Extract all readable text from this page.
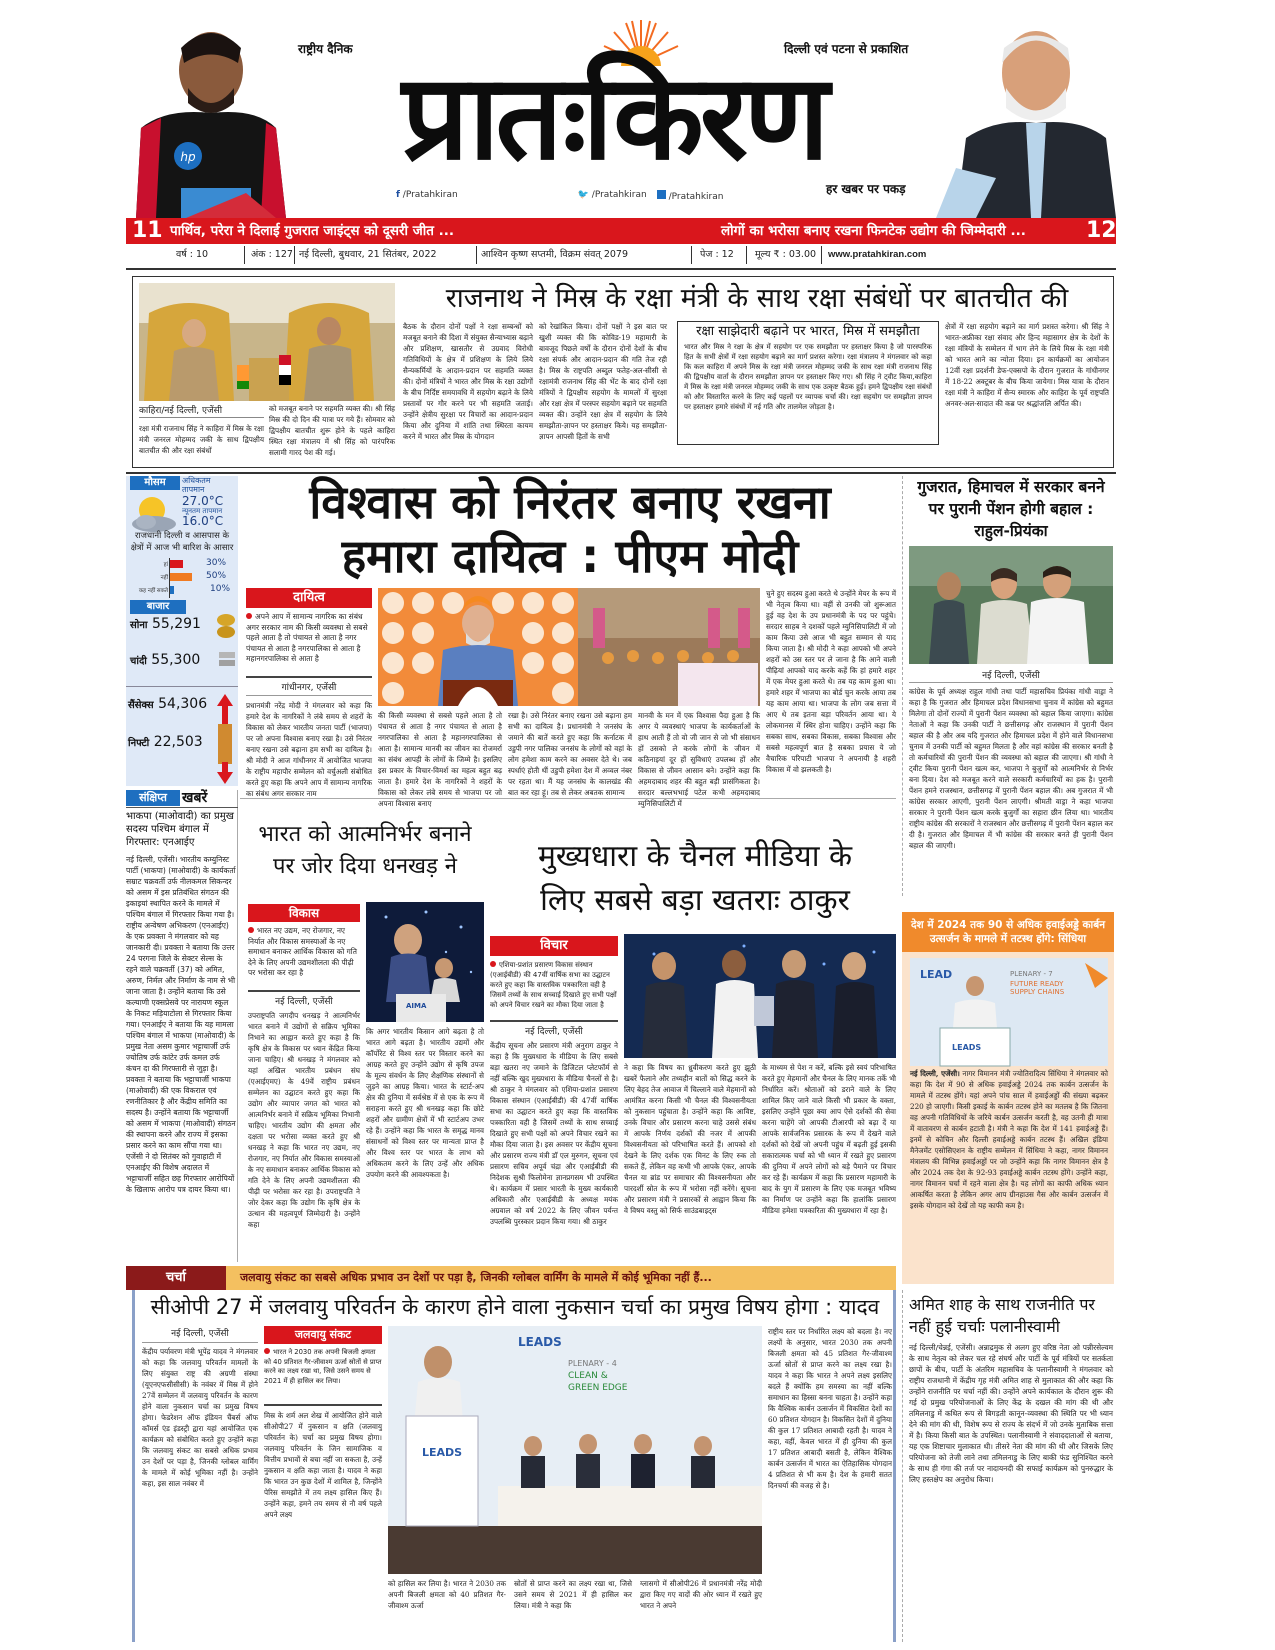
hp
राष्ट्रीय दैनिक	दिल्ली एवं पटना से प्रकाशित
प्रातःकिरण
f /Pratahkiran	🐦 /Pratahkiran	/Pratahkiran
हर खबर पर पकड़
11 पार्थिव, परेरा ने दिलाई गुजरात जाइंट्स को दूसरी जीत ...	लोगों का भरोसा बनाए रखना फिनटेक उद्योग की जिम्मेदारी ...	12
वर्ष : 10	अंक : 127 नई दिल्ली, बुधवार, 21 सितंबर, 2022	आश्विन कृष्ण सप्तमी, विक्रम संवत् 2079	पेज : 12	मूल्य ₹ : 03.00	www.pratahkiran.com
काहिरा/नई दिल्ली, एजेंसी
रक्षा मंत्री राजनाथ सिंह ने काहिरा में मिस्र के रक्षा मंत्री जनरल मोहम्मद जकी के साथ द्विपक्षीय बातचीत की और रक्षा संबंधों
को मजबूत बनाने पर सहमति व्यक्त की। श्री सिंह मिस्र की दो दिन की यात्रा पर गये हैं। सोमवार को द्विपक्षीय बातचीत शुरू होने के पहले काहिरा स्थित रक्षा मंत्रालय में श्री सिंह को पारंपरिक सलामी गारद पेश की गई।
राजनाथ ने मिस्र के रक्षा मंत्री के साथ रक्षा संबंधों पर बातचीत की
बैठक के दौरान दोनों पक्षों ने रक्षा सम्बन्धों को मजबूत बनाने की दिशा में संयुक्त सैन्याभ्यास बढ़ाने और प्रशिक्षण, खासतौर से उग्रवाद विरोधी गतिविधियों के क्षेत्र में प्रशिक्षण के लिये लिये सैन्यकर्मियों के आदान-प्रदान पर सहमति व्यक्त की। दोनों मंत्रियों ने भारत और मिस्र के रक्षा उद्योगों के बीच निर्दिष्ट समयावधि में सहयोग बढ़ाने के लिये प्रस्तावों पर गौर करने पर भी सहमति जताई। उन्होंने क्षेत्रीय सुरक्षा पर विचारों का आदान-प्रदान किया और दुनिया में शांति तथा स्थिरता कायम करने में भारत और मिस्र के योगदान
को रेखांकित किया। दोनों पक्षों ने इस बात पर खुशी व्यक्त की कि कोविड-19 महामारी के बावजूद पिछले वर्षों के दौरान दोनों देशों के बीच रक्षा संपर्क और आदान-प्रदान की गति तेज रही है। मिस्र के राष्ट्रपति अब्दुल फतेह-अल-सीसी से रक्षामंत्री राजनाथ सिंह की भेंट के बाद दोनों रक्षा मंत्रियों ने द्विपक्षीय सहयोग के मामलों में सुरक्षा और रक्षा क्षेत्र में परस्पर सहयोग बढ़ाने पर सहमति व्यक्त की। उन्होंने रक्षा क्षेत्र में सहयोग के लिये समझौता-ज्ञापन पर हस्ताक्षर किये। यह समझौता-ज्ञापन आपसी हितों के सभी
रक्षा साझेदारी बढ़ाने पर भारत, मिस्र में समझौता
भारत और मिस्र ने रक्षा के क्षेत्र में सहयोग पर एक समझौता पर हस्ताक्षर किया है जो पारस्परिक हित के सभी क्षेत्रों में रक्षा सहयोग बढ़ाने का मार्ग प्रशस्त करेगा। रक्षा मंत्रालय ने मंगलवार को कहा कि कल काहिरा में अपने मिस्र के रक्षा मंत्री जनरल मोहम्मद जकी के साथ रक्षा मंत्री राजनाथ सिंह की द्विपक्षीय वार्ता के दौरान समझौता ज्ञापन पर हस्ताक्षर किए गए। श्री सिंह ने ट्वीट किया,काहिरा में मिस्र के रक्षा मंत्री जनरल मोहम्मद जकी के साथ एक उत्कृष्ट बैठक हुई। हमने द्विपक्षीय रक्षा संबंधों को और विस्तारित करने के लिए कई पहलों पर व्यापक चर्चा की। रक्षा सहयोग पर समझौता ज्ञापन पर हस्ताक्षर हमारे संबंधों में नई गति और तालमेल जोड़ता है।
क्षेत्रों में रक्षा सहयोग बढ़ाने का मार्ग प्रशस्त करेगा। श्री सिंह ने भारत-अफ्रीका रक्षा संवाद और हिन्द महासागर क्षेत्र के देशों के रक्षा मंत्रियों के सम्मेलन में भाग लेने के लिये मिस्र के रक्षा मंत्री को भारत आने का न्योता दिया। इन कार्यक्रमों का आयोजन 12वीं रक्षा प्रदर्शनी डेफ-एक्सपो के दौरान गुजरात के गांधीनगर में 18-22 अक्टूबर के बीच किया जायेगा। मिस्र यात्रा के दौरान रक्षा मंत्री ने काहिरा में सैन्य स्मारक और काहिरा के पूर्व राष्ट्रपति अनवर-अल-सादात की कब्र पर श्रद्धांजलि अर्पित की।
मौसम	अधिकतम तापमान
27.0°C
न्यूनतम तापमान
16.0°C
राजधानी दिल्ली व आसपास के क्षेत्रों में आज भी बारिश के आसार
हां	30%
नहीं	50%
कह नहीं सकते	10%
बाजार
सोना 55,291
चांदी 55,300
सैंसेक्स 54,306
निफ्टी 22,503
संक्षिप्त	खबरें
भाकपा (माओवादी) का प्रमुख सदस्य पश्चिम बंगाल में गिरफ्तार: एनआईए
नई दिल्ली, एजेंसी। भारतीय कम्युनिस्ट पार्टी (भाकपा) (माओवादी) के कार्यकर्ता सम्राट चक्रवर्ती उर्फ नीलकमल सिकन्दर को असम में इस प्रतिबंधित संगठन की इकाइयां स्थापित करने के मामले में पश्चिम बंगाल में गिरफ्तार किया गया है। राष्ट्रीय अन्वेषण अभिकरण (एनआईए) के एक प्रवक्ता ने मंगलवार को यह जानकारी दी। प्रवक्ता ने बताया कि उत्तर 24 परगना जिले के सेक्टर सेल्स के रहने वाले चक्रवर्ती (37) को अमित, अरुण, निर्मल और निर्माण के नाम से भी जाना जाता है। उन्होंने बताया कि उसे कल्याणी एक्सप्रेसवे पर नारायण स्कूल के निकट मड़ियाटोला से गिरफ्तार किया गया। एनआईए ने बताया कि यह मामला पश्चिम बंगाल में भाकपा (माओवादी) के प्रमुख नेता असम कुमार भट्टाचार्जी उर्फ ज्योतिष उर्फ कांटेर उर्फ कमल उर्फ कंचन दा की गिरफ्तारी से जुड़ा है। प्रवक्ता ने बताया कि भट्टाचार्जी भाकपा (माओवादी) की एक विकराल एवं रणनीतिकार है और केंद्रीय समिति का सदस्य है। उन्होंने बताया कि भट्टाचार्जी को असम में भाकपा (माओवादी) संगठन की स्थापना करने और राज्य में इसका प्रसार करने का काम सौंपा गया था। एजेंसी ने दो सितंबर को गुवाहाटी में एनआईए की विशेष अदालत में भट्टाचार्जी सहित छह गिरफ्तार आरोपियों के खिलाफ आरोप पत्र दायर किया था।
विश्वास को निरंतर बनाए रखना
हमारा दायित्व : पीएम मोदी
दायित्व
अपने आप में सामान्य नागरिक का संबंध अगर सरकार नाम की किसी व्यवस्था से सबसे पहले आता है तो पंचायत से आता है नगर पंचायत से आता है नगरपालिका से आता है महानगरपालिका से आता है
गांधीनगर, एजेंसी
प्रधानमंत्री नरेंद्र मोदी ने मंगलवार को कहा कि हमारे देश के नागरिकों ने लंबे समय से शहरों के विकास को लेकर भारतीय जनता पार्टी (भाजपा) पर जो अपना विश्वास बनाए रखा है। उसे निरंतर बनाए रखना उसे बढ़ाना हम सभी का दायित्व है। श्री मोदी ने आज गांधीनगर में आयोजित भाजपा के राष्ट्रीय महापौर सम्मेलन को वर्चुअली संबोधित करते हुए कहा कि अपने आप में सामान्य नागरिक का संबंध अगर सरकार नाम
की किसी व्यवस्था से सबसे पहले आता है तो पंचायत से आता है नगर पंचायत से आता है नगरपालिका से आता है महानगरपालिका से आता है। सामान्य मानवी का जीवन का रोजमर्रा का संबंध आपही के लोगों के जिम्मे है। इसलिए इस प्रकार के विचार-विमर्श का महत्व बहुत बढ़ जाता है। हमारे देश के नागरिकों ने शहरों के विकास को लेकर लंबे समय से भाजपा पर जो अपना विश्वास बनाए
रखा है। उसे निरंतर बनाए रखना उसे बढ़ाना हम सभी का दायित्व है। प्रधानमंत्री ने जनसंघ के जमाने की बातें करते हुए कहा कि कर्नाटक में उडुपी नगर पालिका जनसंघ के लोगों को वहां के लोग हमेशा काम करने का अवसर देते थे। जब स्पर्धाएं होती थीं उडुपी हमेशा देश में अव्वल नंबर पर रहता था। मैं यह जनसंघ के कालखंड की बात कर रहा हूं। तब से लेकर अबतक सामान्य
मानवी के मन में एक विश्वास पैदा हुआ है कि अगर ये व्यवस्थाएं भाजपा के कार्यकर्ताओं के हाथ आती हैं तो वो जी जान से जो भी संसाधन हों उसको ले करके लोगों के जीवन में कठिनाइयां दूर हों सुविधाएं उपलब्ध हों और विकास से जीवन आसान बने। उन्होंने कहा कि अहमदाबाद शहर की बहुत बड़ी प्रासंगिकता है। सरदार बल्लभभाई पटेल कभी अहमदाबाद म्युनिसिपालिटी में
चुने हुए सदस्य हुआ करते थे उन्होंने मेयर के रूप में भी नेतृत्व किया था। वहीं से उनकी जो शुरूआत हुई वह देश के उप प्रधानमंत्री के पद पर पहुंचे। सरदार साहब ने दशकों पहले म्युनिसिपालिटी में जो काम किया उसे आज भी बहुत सम्मान से याद किया जाता है। श्री मोदी ने कहा आपको भी अपने शहरों को उस स्तर पर ले जाना है कि आने वाली पीढ़ियां आपको याद करके कहें कि हां हमारे शहर में एक मेयर हुआ करते थे। तब यह काम हुआ था। हमारे शहर में भाजपा का बोर्ड चुन करके आया तब यह काम आया था। भाजपा के लोग जब सत्ता में आए थे तब इतना बड़ा परिवर्तन आया था। ये लोकमानस में स्थिर होना चाहिए। उन्होंने कहा कि सबका साथ, सबका विकास, सबका विश्वास और सबसे महत्वपूर्ण बात है सबका प्रयास ये जो वैचारिक परिपाटी भाजपा ने अपनायी है शहरी विकास में वो झलकती है।
गुजरात, हिमाचल में सरकार बनने पर पुरानी पेंशन होगी बहाल : राहुल-प्रियंका
नई दिल्ली, एजेंसी
कांग्रेस के पूर्व अध्यक्ष राहुल गांधी तथा पार्टी महासचिव प्रियंका गांधी वाड्रा ने कहा है कि गुजरात और हिमाचल प्रदेश विधानसभा चुनाव में कांग्रेस को बहुमत मिलेगा तो दोनों राज्यों में पुरानी पेंशन व्यवस्था को बहाल किया जाएगा। कांग्रेस नेताओं ने कहा कि उनकी पार्टी ने छत्तीसगढ़ और राजस्थान में पुरानी पेंशन बहाल की है और अब यदि गुजरात और हिमाचल प्रदेश में होने वाले विधानसभा चुनाव में उनकी पार्टी को बहुमत मिलता है और वहां कांग्रेस की सरकार बनती है तो कर्मचारियों की पुरानी पेंशन की व्यवस्था को बहाल की जाएगा। श्री गांधी ने ट्वीट किया पुरानी पेंशन खत्म कर, भाजपा ने बुजुर्गों को आत्मनिर्भर से निर्भर बना दिया। देश को मजबूत करने वाले सरकारी कर्मचारियों का हक है। पुरानी पेंशन हमने राजस्थान, छत्तीसगढ़ में पुरानी पेंशन बहाल की। अब गुजरात में भी कांग्रेस सरकार आएगी, पुरानी पेंशन लाएगी। श्रीमती वाड्रा ने कहा भाजपा सरकार ने पुरानी पेंशन खत्म करके बुजुर्गों का सहारा छीन लिया था। भारतीय राष्ट्रीय कांग्रेस की सरकारों ने राजस्थान और छत्तीसगढ़ में पुरानी पेंशन बहाल कर दी है। गुजरात और हिमाचल में भी कांग्रेस की सरकार बनते ही पुरानी पेंशन बहाल की जाएगी।
देश में 2024 तक 90 से अधिक हवाईअड्डे कार्बन उत्सर्जन के मामले में तटस्थ होंगे: सिंधिया
LEAD	PLENARY - 7
FUTURE READY
SUPPLY CHAINS
LEADS
नई दिल्ली, एजेंसी। नागर विमानन मंत्री ज्योतिरादित्य सिंधिया ने मंगलवार को कहा कि देश में 90 से अधिक हवाईअड्डे 2024 तक कार्बन उत्सर्जन के मामले में तटस्थ होंगे। यहां अपने पांच साल में हवाईअड्डों की संख्या बढ़कर 220 हो जाएगी। किसी इकाई के कार्बन तटस्थ होने का मतलब है कि जितना वह अपनी गतिविधियों के जरिये कार्बन उत्सर्जन करती है, वह उतनी ही मात्रा में वातावरण से कार्बन हटाती है। मंत्री ने कहा कि देश में 141 हवाईअड्डे हैं। इनमें से कोचिन और दिल्ली हवाईअड्डे कार्बन तटस्थ हैं। अखिल इंडिया मैनेजमेंट एसोसिएशन के राष्ट्रीय सम्मेलन में सिंधिया ने कहा, नागर विमानन मंत्रालय की विभिन्न हवाईअड्डों पर जो उन्होंने कहा कि नागर विमानन क्षेत्र है और 2024 तक देश के 92-93 हवाईअड्डे कार्बन तटस्थ होंगे। उन्होंने कहा, नागर विमानन चर्चा में रहने वाला क्षेत्र है। यह लोगों का काफी अधिक ध्यान आकर्षित करता है लेकिन अगर आप ग्रीनहाउस गैस और कार्बन उत्सर्जन में इसके योगदान को देखें तो यह काफी कम है।
भारत को आत्मनिर्भर बनाने
पर जोर दिया धनखड़ ने
विकास
भारत नए उद्यम, नए रोजगार, नए निर्यात और विकास समस्याओं के नए समाधान बनाकर आर्थिक विकास को गति देने के लिए अपनी उद्यमशीलता की पीढ़ी पर भरोसा कर रहा है
नई दिल्ली, एजेंसी	AIMA
उपराष्ट्रपति जगदीप धनखड़ ने आत्मनिर्भर भारत बनाने में उद्योगों से सक्रिय भूमिका निभाने का आह्वान करते हुए कहा है कि कृषि क्षेत्र के विकास पर ध्यान केंद्रित किया जाना चाहिए। श्री धनखड़ ने मंगलवार को यहां अखिल भारतीय प्रबंधन संघ (एआईएमए) के 49वें राष्ट्रीय प्रबंधन सम्मेलन का उद्घाटन करते हुए कहा कि उद्योग और व्यापार जगत को भारत को आत्मनिर्भर बनाने में सक्रिय भूमिका निभानी चाहिए। भारतीय उद्योग की क्षमता और दक्षता पर भरोसा व्यक्त करते हुए श्री धनखड़ ने कहा कि भारत नए उद्यम, नए रोजगार, नए निर्यात और विकास समस्याओं के नए समाधान बनाकर आर्थिक विकास को गति देने के लिए अपनी उद्यमशीलता की पीढ़ी पर भरोसा कर रहा है। उपराष्ट्रपति ने जोर देकर कहा कि उद्योग कि कृषि क्षेत्र के उत्थान की महत्वपूर्ण जिम्मेदारी है। उन्होंने कहा
कि अगर भारतीय किसान आगे बढ़ता है तो भारत आगे बढ़ता है। भारतीय उद्यमों और कॉर्पोरेट से विश्व स्तर पर विस्तार करने का आग्रह करते हुए उन्होंने उद्योग से कृषि उपज के मूल्य संवर्धन के लिए शैक्षणिक संस्थानों से जुड़ने का आग्रह किया। भारत के स्टार्ट-अप क्षेत्र की दुनिया में सर्वश्रेष्ठ में से एक के रूप में सराहना करते हुए श्री धनखड़ कहा कि छोटे शहरों और ग्रामीण क्षेत्रों में भी स्टार्टअप उभर रहे हैं। उन्होंने कहा कि भारत के समृद्ध मानव संसाधनों को विश्व स्तर पर मान्यता प्राप्त है और विश्व स्तर पर भारत के लाभ को अधिकतम करने के लिए उन्हें और अधिक उपयोग करने की आवश्यकता है।
मुख्यधारा के चैनल मीडिया के
लिए सबसे बड़ा खतराः ठाकुर
विचार
एशिया-प्रशांत प्रसारण विकास संस्थान (एआईबीडी) की 47वीं वार्षिक सभा का उद्घाटन करते हुए कहा कि वास्तविक पत्रकारिता वही है जिसमें तथ्यों के साथ सच्चाई दिखाते हुए सभी पक्षों को अपने विचार रखने का मौका दिया जाता है
नई दिल्ली, एजेंसी
केंद्रीय सूचना और प्रसारण मंत्री अनुराग ठाकुर ने कहा है कि मुख्यधारा के मीडिया के लिए सबसे बड़ा खतरा नए जमाने के डिजिटल प्लेटफॉर्म से नहीं बल्कि खुद मुख्यधारा के मीडिया चैनलों से है। श्री ठाकुर ने मंगलवार को एशिया-प्रशांत प्रसारण विकास संस्थान (एआईबीडी) की 47वीं वार्षिक सभा का उद्घाटन करते हुए कहा कि वास्तविक पत्रकारिता वही है जिसमें तथ्यों के साथ सच्चाई दिखाते हुए सभी पक्षों को अपने विचार रखने का मौका दिया जाता है। इस अवसर पर केंद्रीय सूचना और प्रसारण राज्य मंत्री डॉ एल मुरुगन, सूचना एवं प्रसारण सचिव अपूर्व चंद्रा और एआईबीडी की निदेशक सुश्री फिलोमेना ज्ञानप्रगसम भी उपस्थित थे। कार्यक्रम में प्रसार भारती के मुख्य कार्यकारी अधिकारी और एआईबीडी के अध्यक्ष मयंक अग्रवाल को वर्ष 2022 के लिए जीवन पर्यन्त उपलब्धि पुरस्कार प्रदान किया गया। श्री ठाकुर
ने कहा कि विषय का ध्रुवीकरण करते हुए झूठी खबरें फैलाने और तथ्यहीन बातों को सिद्ध करने के लिए बेहद तेज आवाज में चिल्लाने वाले मेहमानों को आमंत्रित करना किसी भी चैनल की विश्वसनीयता को नुकसान पहुंचाता है। उन्होंने कहा कि आविष्ट, उनके विचार और प्रसारण करना चाहे उससे संबंध में आपके निर्णय दर्शकों की नजर में आपकी विश्वसनीयता को परिभाषित करते हैं। आपको शो देखने के लिए दर्शक एक मिनट के लिए रुक तो सकते हैं, लेकिन वह कभी भी आपके एंकर, आपके चैनल या ब्रांड पर समाचार की विश्वसनीयता और पारदर्शी स्रोत के रूप में भरोसा नहीं करेंगे। सूचना और प्रसारण मंत्री ने प्रसारकों से आह्वान किया कि वे विषय वस्तु को सिर्फ साउंडबाइट्स
के माध्यम से पेश न करें, बल्कि इसे स्वयं परिभाषित करते हुए मेहमानों और चैनल के लिए मानक तर्के भी निर्धारित करें। श्रोताओं को डराने वाले के लिए शामिल किए जाने वाले किसी भी प्रकार के वक्ता, इसलिए उन्होंने पूछा क्या आप ऐसे दर्शकों की सेवा करना चाहेंगे जो आपकी टीआरपी को बढ़ा दें या आपके सार्वजनिक प्रसारक के रूप में देखने वाले दर्शकों को देखें जो अपनी पहुंच में बढ़ती हुई इसकी सकारात्मक चर्चा को भी ध्यान में रखते हुए प्रसारण की दुनिया में अपने लोगों को बड़े पैमाने पर विचार कर रहे हैं। कार्यक्रम में कहा कि प्रसारण महामारी के बाद के युग में प्रसारण के लिए एक मजबूत भविष्य का निर्माण पर उन्होंने कहा कि हालांकि प्रसारण मीडिया हमेशा पत्रकारिता की मुख्यधारा में रहा है।
चर्चा	जलवायु संकट का सबसे अधिक प्रभाव उन देशों पर पड़ा है, जिनकी ग्लोबल वार्मिंग के मामले में कोई भूमिका नहीं हैं...
सीओपी 27 में जलवायु परिवर्तन के कारण होने वाला नुकसान चर्चा का प्रमुख विषय होगा : यादव
नई दिल्ली, एजेंसी
केंद्रीय पर्यावरण मंत्री भूपेंद्र यादव ने मंगलवार को कहा कि जलवायु परिवर्तन मामलों के लिए संयुक्त राष्ट्र की अग्रणी संस्था (यूएनएफसीसीसी) के नवंबर में मिस्र में होने 27वें सम्मेलन में जलवायु परिवर्तन के कारण होने वाला नुकसान चर्चा का प्रमुख विषय होगा। फेडरेशन ऑफ इंडियन चैंबर्स ऑफ कॉमर्स एंड इंडस्ट्री द्वारा यहां आयोजित एक कार्यक्रम को संबोधित करते हुए उन्होंने कहा कि जलवायु संकट का सबसे अधिक प्रभाव उन देशों पर पड़ा है, जिनकी ग्लोबल वार्मिंग के मामले में कोई भूमिका नहीं है। उन्होंने कहा, इस साल नवंबर में
जलवायु संकट
भारत ने 2030 तक अपनी बिजली क्षमता को 40 प्रतिशत गैर-जीवाश्म ऊर्जा स्रोतों से प्राप्त करने का लक्ष्य रखा था, जिसे उसने समय से 2021 में ही हासिल कर लिया।
मिस्र के शर्म अल शेख में आयोजित होने वाले सीओपी27 में नुकसान व क्षति (जलवायु परिवर्तन के) चर्चा का प्रमुख विषय होगा। जलवायु परिवर्तन के जिन सामाजिक व वित्तीय प्रभावों से बचा नहीं जा सकता है, उन्हें नुकसान व क्षति कहा जाता है। यादव ने कहा कि भारत उन कुछ देशों में शामिल है, जिन्होंने पेरिस समझौते में तय लक्ष्य हासिल किए हैं। उन्होंने कहा, हमने तय समय से नौ वर्ष पहले अपने लक्ष्य
LEADS
PLENARY - 4
CLEAN &
GREEN EDGE
LEADS
को हासिल कर लिया है। भारत ने 2030 तक अपनी बिजली क्षमता को 40 प्रतिशत गैर-जीवाश्म ऊर्जा
स्रोतों से प्राप्त करने का लक्ष्य रखा था, जिसे उसने समय से 2021 में ही हासिल कर लिया। मंत्री ने कहा कि
ग्लासगो में सीओपी26 में प्रधानमंत्री नरेंद्र मोदी द्वारा किए गए वादों की ओर ध्यान में रखते हुए भारत ने अपने
राष्ट्रीय स्तर पर निर्धारित लक्ष्य को बदला है। नए लक्ष्यों के अनुसार, भारत 2030 तक अपनी बिजली क्षमता को 45 प्रतिशत गैर-जीवाश्म ऊर्जा स्रोतों से प्राप्त करने का लक्ष्य रखा है। यादव ने कहा कि भारत ने अपने लक्ष्य इसलिए बदले हैं क्योंकि हम समस्या का नहीं बल्कि समाधान का हिस्सा बनना चाहता है। उन्होंने कहा कि वैश्विक कार्बन उत्सर्जन में विकसित देशों का 60 प्रतिशत योगदान है। विकसित देशों में दुनिया की कुल 17 प्रतिशत आबादी रहती है। यादव ने कहा, वहीं, केवल भारत में ही दुनिया की कुल 17 प्रतिशत आबादी बसती है, लेकिन वैश्विक कार्बन उत्सर्जन में भारत का ऐतिहासिक योगदान 4 प्रतिशत से भी कम है। देश के हमारी सतत दिनचर्या की वजह से है।
अमित शाह के साथ राजनीति पर नहीं हुई चर्चाः पलानीस्वामी
नई दिल्ली/चेन्नई, एजेंसी। अन्नाद्रमुक से अलग हुए वरिष्ठ नेता ओ पन्नीरसेल्वम के साथ नेतृत्व को लेकर चल रहे संघर्ष और पार्टी के पूर्व मंत्रियों पर सतर्कता छापों के बीच, पार्टी के अंतरिम महासचिव के पलानीस्वामी ने मंगलवार को राष्ट्रीय राजधानी में केंद्रीय गृह मंत्री अमित शाह से मुलाकात की और कहा कि उन्होंने राजनीति पर चर्चा नहीं की। उन्होंने अपने कार्यकाल के दौरान शुरू की गई दो प्रमुख परियोजनाओं के लिए केंद्र के दखल की मांग की थी और तमिलनाडु में कथित रूप से बिगड़ती कानून-व्यवस्था की स्थिति पर भी ध्यान देने की मांग की थी, विशेष रूप से राज्य के संदर्भ में जो उनके मुताबिक सत्ता में है। किया किसी बात के उपस्थित। पलानीस्वामी ने संवाददाताओं से बताया, यह एक शिष्टाचार मुलाकात थी। तीसरे नेता की मांग की थी और जिसके लिए परियोजना को तेजी लाने तथा तमिलनाडु के लिए बाकी फंड सुनिश्चित करने के साथ ही गंगा की तर्ज पर नादायनदी की सफाई कार्यक्रम को पुनरुद्धार के लिए हस्तक्षेप का अनुरोध किया।
